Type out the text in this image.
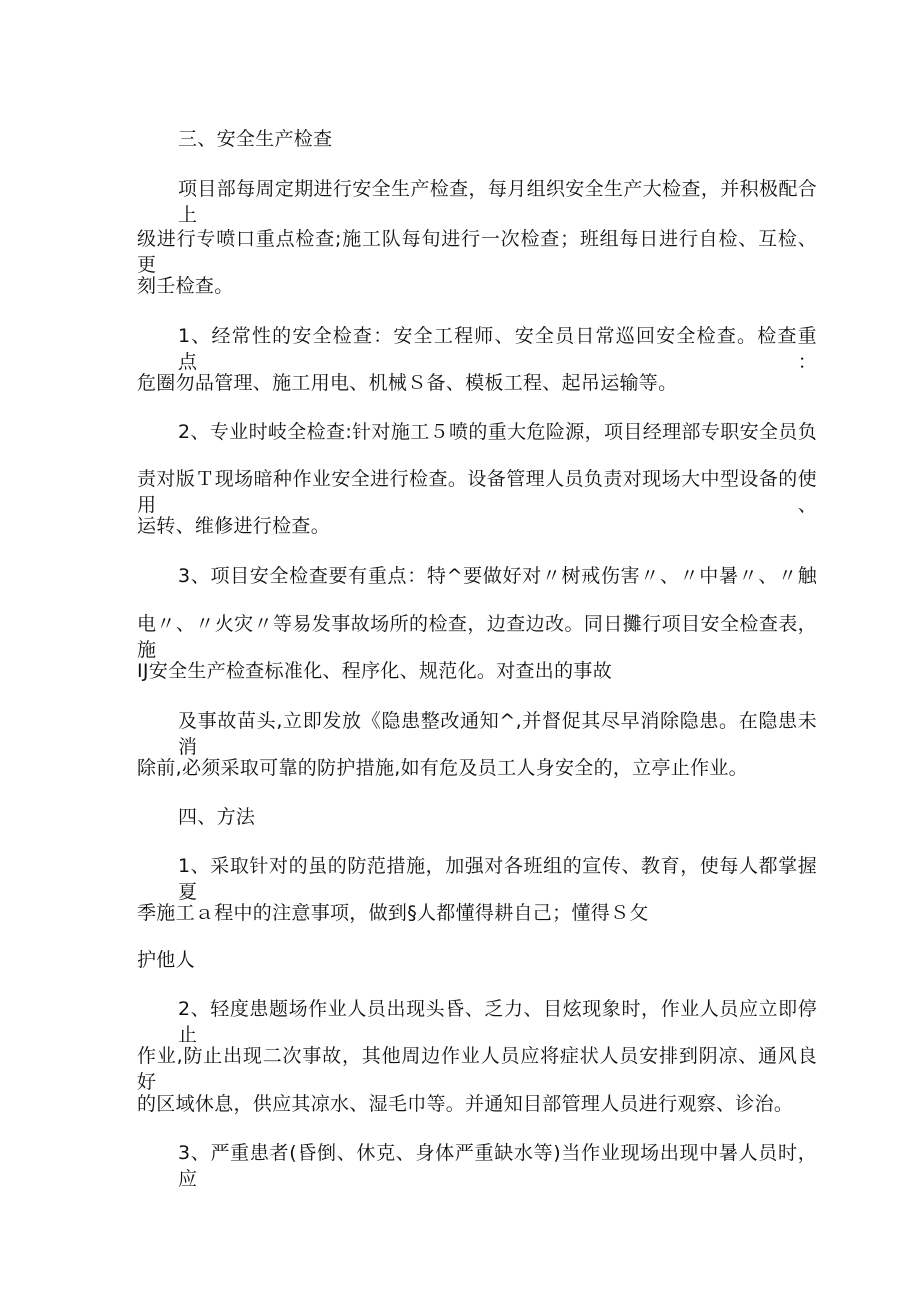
三、安全生产检查
项目部每周定期进行安全生产检查，每月组织安全生产大检查，并积极配合上
级进行专喷口重点检查;施工队每旬进行一次检查；班组每日进行自检、互检、更
刻壬检查。
1、经常性的安全检查：安全工程师、安全员日常巡回安全检查。检查重点：
危圈勿品管理、施工用电、机械Ｓ备、模板工程、起吊运输等。
2、专业时岐全检查:针对施工５喷的重大危险源，项目经理部专职安全员负
责对版Ｔ现场暗种作业安全进行检查。设备管理人员负责对现场大中型设备的使用、
运转、维修进行检查。
3、项目安全检查要有重点：特^要做好对〃树戒伤害〃、〃中暑〃、〃触
电〃、〃火灾〃等易发事故场所的检查，边查边改。同日攤行项目安全检查表，施
IJ安全生产检查标准化、程序化、规范化。对查出的事故
及事故苗头,立即发放《隐患整改通知^,并督促其尽早消除隐患。在隐患未消
除前,必须采取可靠的防护措施,如有危及员工人身安全的，立亭止作业。
四、方法
1、采取针对的虽的防范措施，加强对各班组的宣传、教育，使每人都掌握夏
季施工ａ程中的注意事项，做到§人都懂得耕自己；懂得Ｓ攵
护他人
2、轻度患题场作业人员出现头昏、乏力、目炫现象时，作业人员应立即停止
作业,防止出现二次事故，其他周边作业人员应将症状人员安排到阴凉、通风良好
的区域休息，供应其凉水、湿毛巾等。并通知目部管理人员进行观察、诊治。
3、严重患者(昏倒、休克、身体严重缺水等)当作业现场出现中暑人员时，应
